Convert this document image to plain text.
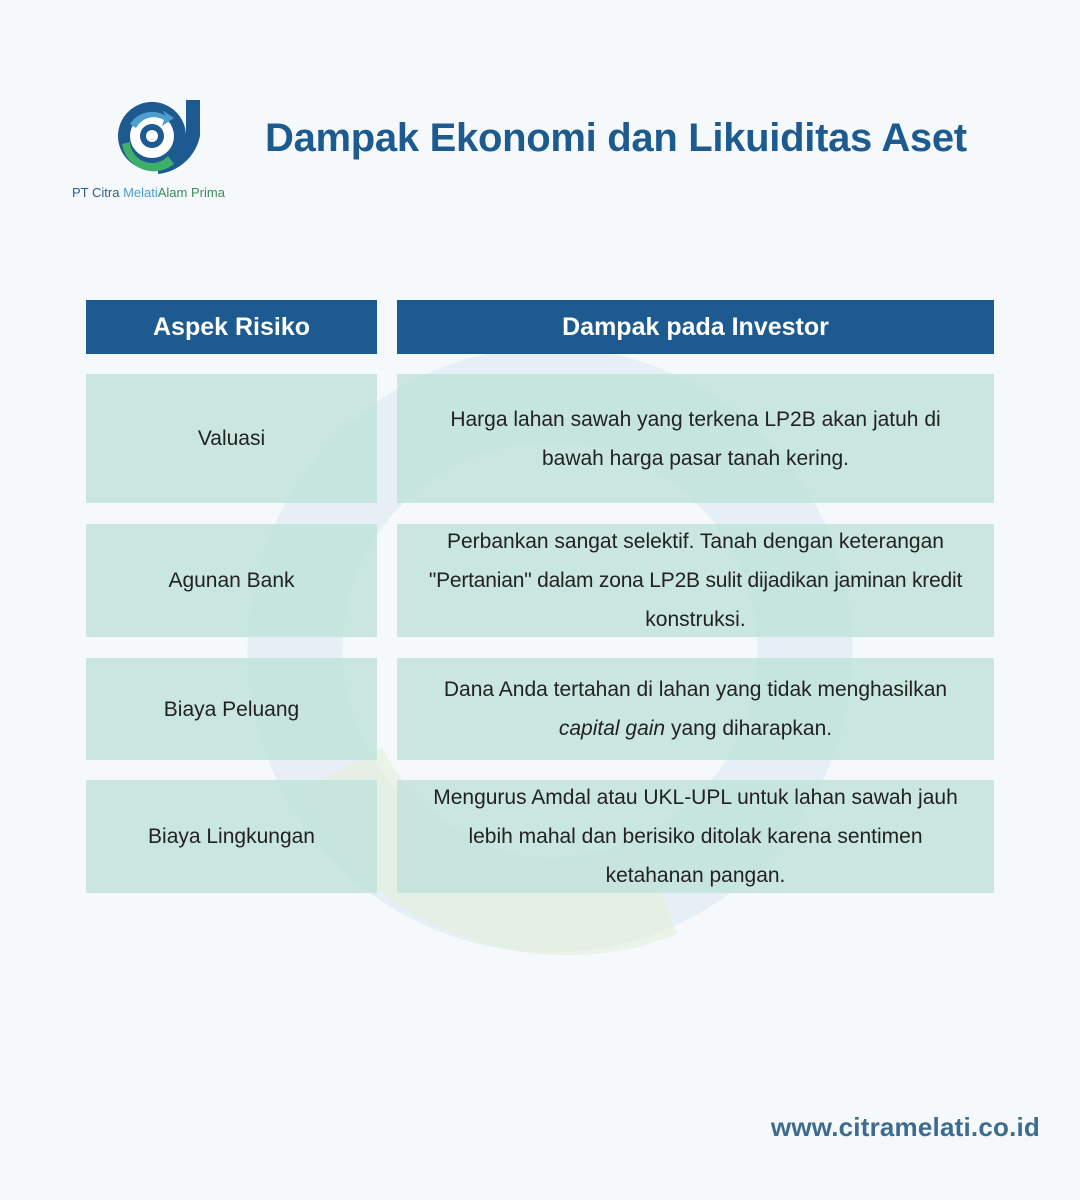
PT Citra MelatiAlam Prima
Dampak Ekonomi dan Likuiditas Aset
Aspek Risiko	Dampak pada Investor
Valuasi
Harga lahan sawah yang terkena LP2B akan jatuh di
bawah harga pasar tanah kering.
Agunan Bank
Perbankan sangat selektif. Tanah dengan keterangan
"Pertanian" dalam zona LP2B sulit dijadikan jaminan kredit
konstruksi.
Biaya Peluang
Dana Anda tertahan di lahan yang tidak menghasilkan
capital gain yang diharapkan.
Biaya Lingkungan
Mengurus Amdal atau UKL-UPL untuk lahan sawah jauh
lebih mahal dan berisiko ditolak karena sentimen
ketahanan pangan.
www.citramelati.co.id
